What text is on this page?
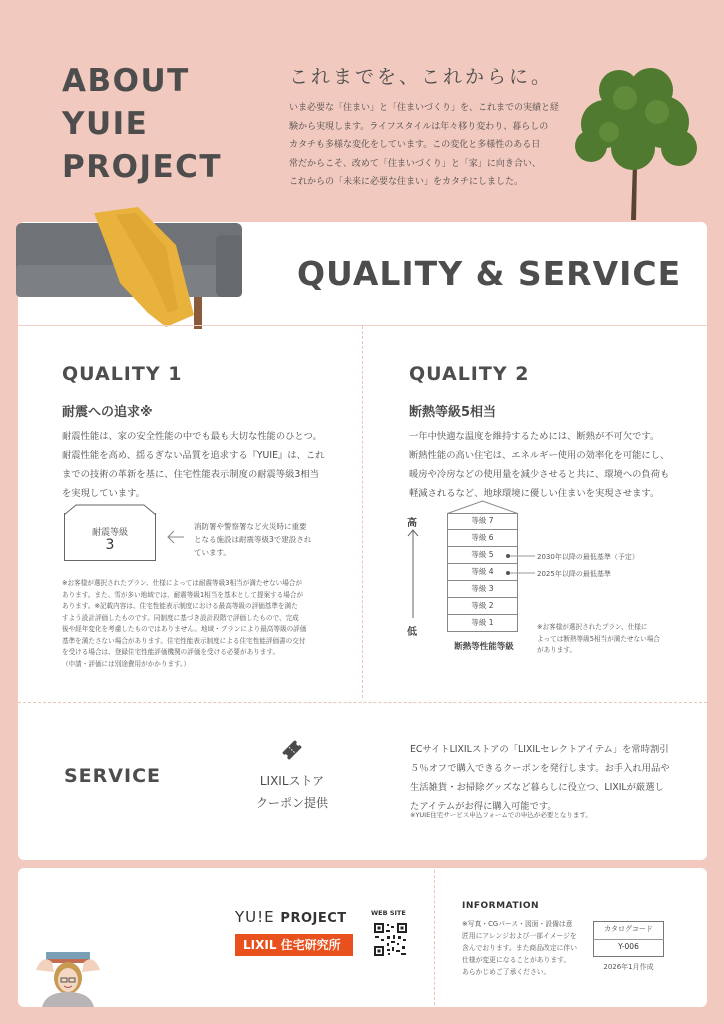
ABOUT
YUIE
PROJECT
これまでを、これからに。
いま必要な「住まい」と「住まいづくり」を、これまでの実績と経
験から実現します。ライフスタイルは年々移り変わり、暮らしの
カタチも多様な変化をしています。この変化と多様性のある日
常だからこそ、改めて「住まいづくり」と「家」に向き合い、
これからの「未来に必要な住まい」をカタチにしました。
QUALITY & SERVICE
QUALITY 1
耐震への追求※
耐震性能は、家の安全性能の中でも最も大切な性能のひとつ。
耐震性能を高め、揺るぎない品質を追求する『YUIE』は、これ
までの技術の革新を基に、住宅性能表示制度の耐震等級3相当
を実現しています。
耐震等級
3
消防署や警察署など火災時に重要
となる施設は耐震等級3で建設され
ています。
※お客様が選択されたプラン、仕様によっては耐震等級3相当が満たせない場合が
あります。また、雪が多い地域では、耐震等級1相当を基本として提案する場合が
あります。※記載内容は、住宅性能表示制度における最高等級の評価基準を満た
すよう設計評価したものです。同制度に基づき設計段階で評価したもので、完成
後や経年変化を考慮したものではありません。地域・プランにより最高等級の評価
基準を満たさない場合があります。住宅性能表示制度による住宅性能評価書の交付
を受ける場合は、登録住宅性能評価機関の評価を受ける必要があります。
（申請・評価には別途費用がかかります。）
QUALITY 2
断熱等級5相当
一年中快適な温度を維持するためには、断熱が不可欠です。
断熱性能の高い住宅は、エネルギー使用の効率化を可能にし、
暖房や冷房などの使用量を減少させると共に、環境への負荷も
軽減されるなど、地球環境に優しい住まいを実現させます。
高
低
等級 7
等級 6
等級 5
等級 4
等級 3
等級 2
等級 1
断熱等性能等級
2030年以降の最低基準（予定）
2025年以降の最低基準
※お客様が選択されたプラン、仕様に
よっては断熱等級5相当が満たせない場合
があります。
SERVICE	LIXILストア
クーポン提供
ECサイトLIXILストアの「LIXILセレクトアイテム」を常時割引
５％オフで購入できるクーポンを発行します。お手入れ用品や
生活雑貨・お掃除グッズなど暮らしに役立つ、LIXILが厳選し
たアイテムがお得に購入可能です。
※YUIE住宅サービス申込フォームでの申込が必要となります。
YU!E PROJECT
LIXIL 住宅研究所
WEB SITE
INFORMATION
※写真・CGパース・図面・設備は意
匠用にアレンジおよび一部イメージを
含んでおります。また商品改定に伴い
仕様が変更になることがあります。
あらかじめご了承ください。
カタログコード
Y-006
2026年1月作成
